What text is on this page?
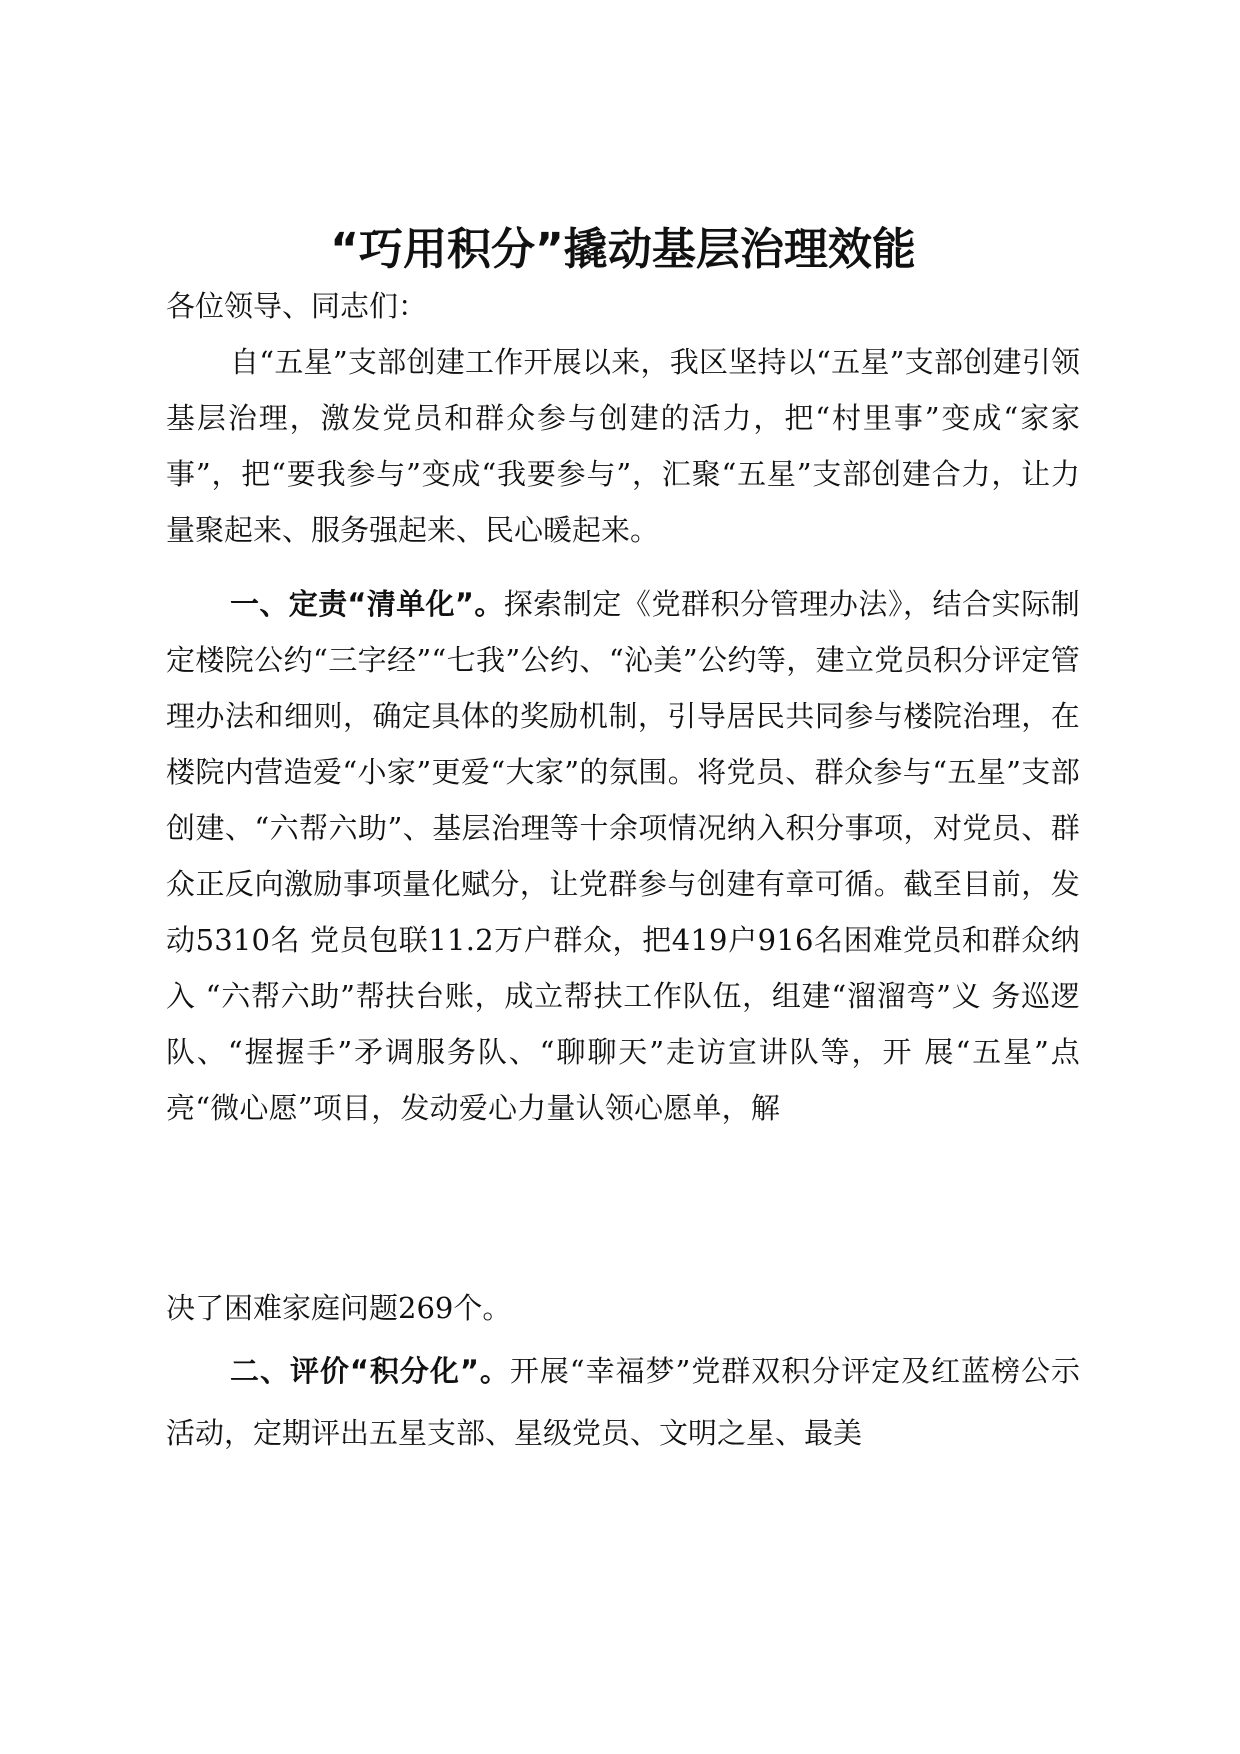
“巧用积分”撬动基层治理效能

各位领导、同志们：

自“五星”支部创建工作开展以来，我区坚持以“五星”支部创建引领基层治理，激发党员和群众参与创建的活力，把“村里事”变成“家家事”，把“要我参与”变成“我要参与”，汇聚“五星”支部创建合力，让力量聚起来、服务强起来、民心暖起来。

一、定责“清单化”。探索制定《党群积分管理办法》，结合实际制定楼院公约“三字经”“七我”公约、“沁美”公约等，建立党员积分评定管理办法和细则，确定具体的奖励机制，引导居民共同参与楼院治理，在楼院内营造爱“小家”更爱“大家”的氛围。将党员、群众参与“五星”支部创建、“六帮六助”、基层治理等十余项情况纳入积分事项，对党员、群众正反向激励事项量化赋分，让党群参与创建有章可循。截至目前，发动5310名 党员包联11.2万户群众，把419户916名困难党员和群众纳入 “六帮六助”帮扶台账，成立帮扶工作队伍，组建“溜溜弯”义 务巡逻队、“握握手”矛调服务队、“聊聊天”走访宣讲队等，开 展“五星”点亮“微心愿”项目，发动爱心力量认领心愿单，解

决了困难家庭问题269个。

二、评价“积分化”。开展“幸福梦”党群双积分评定及红蓝榜公示活动，定期评出五星支部、星级党员、文明之星、最美
